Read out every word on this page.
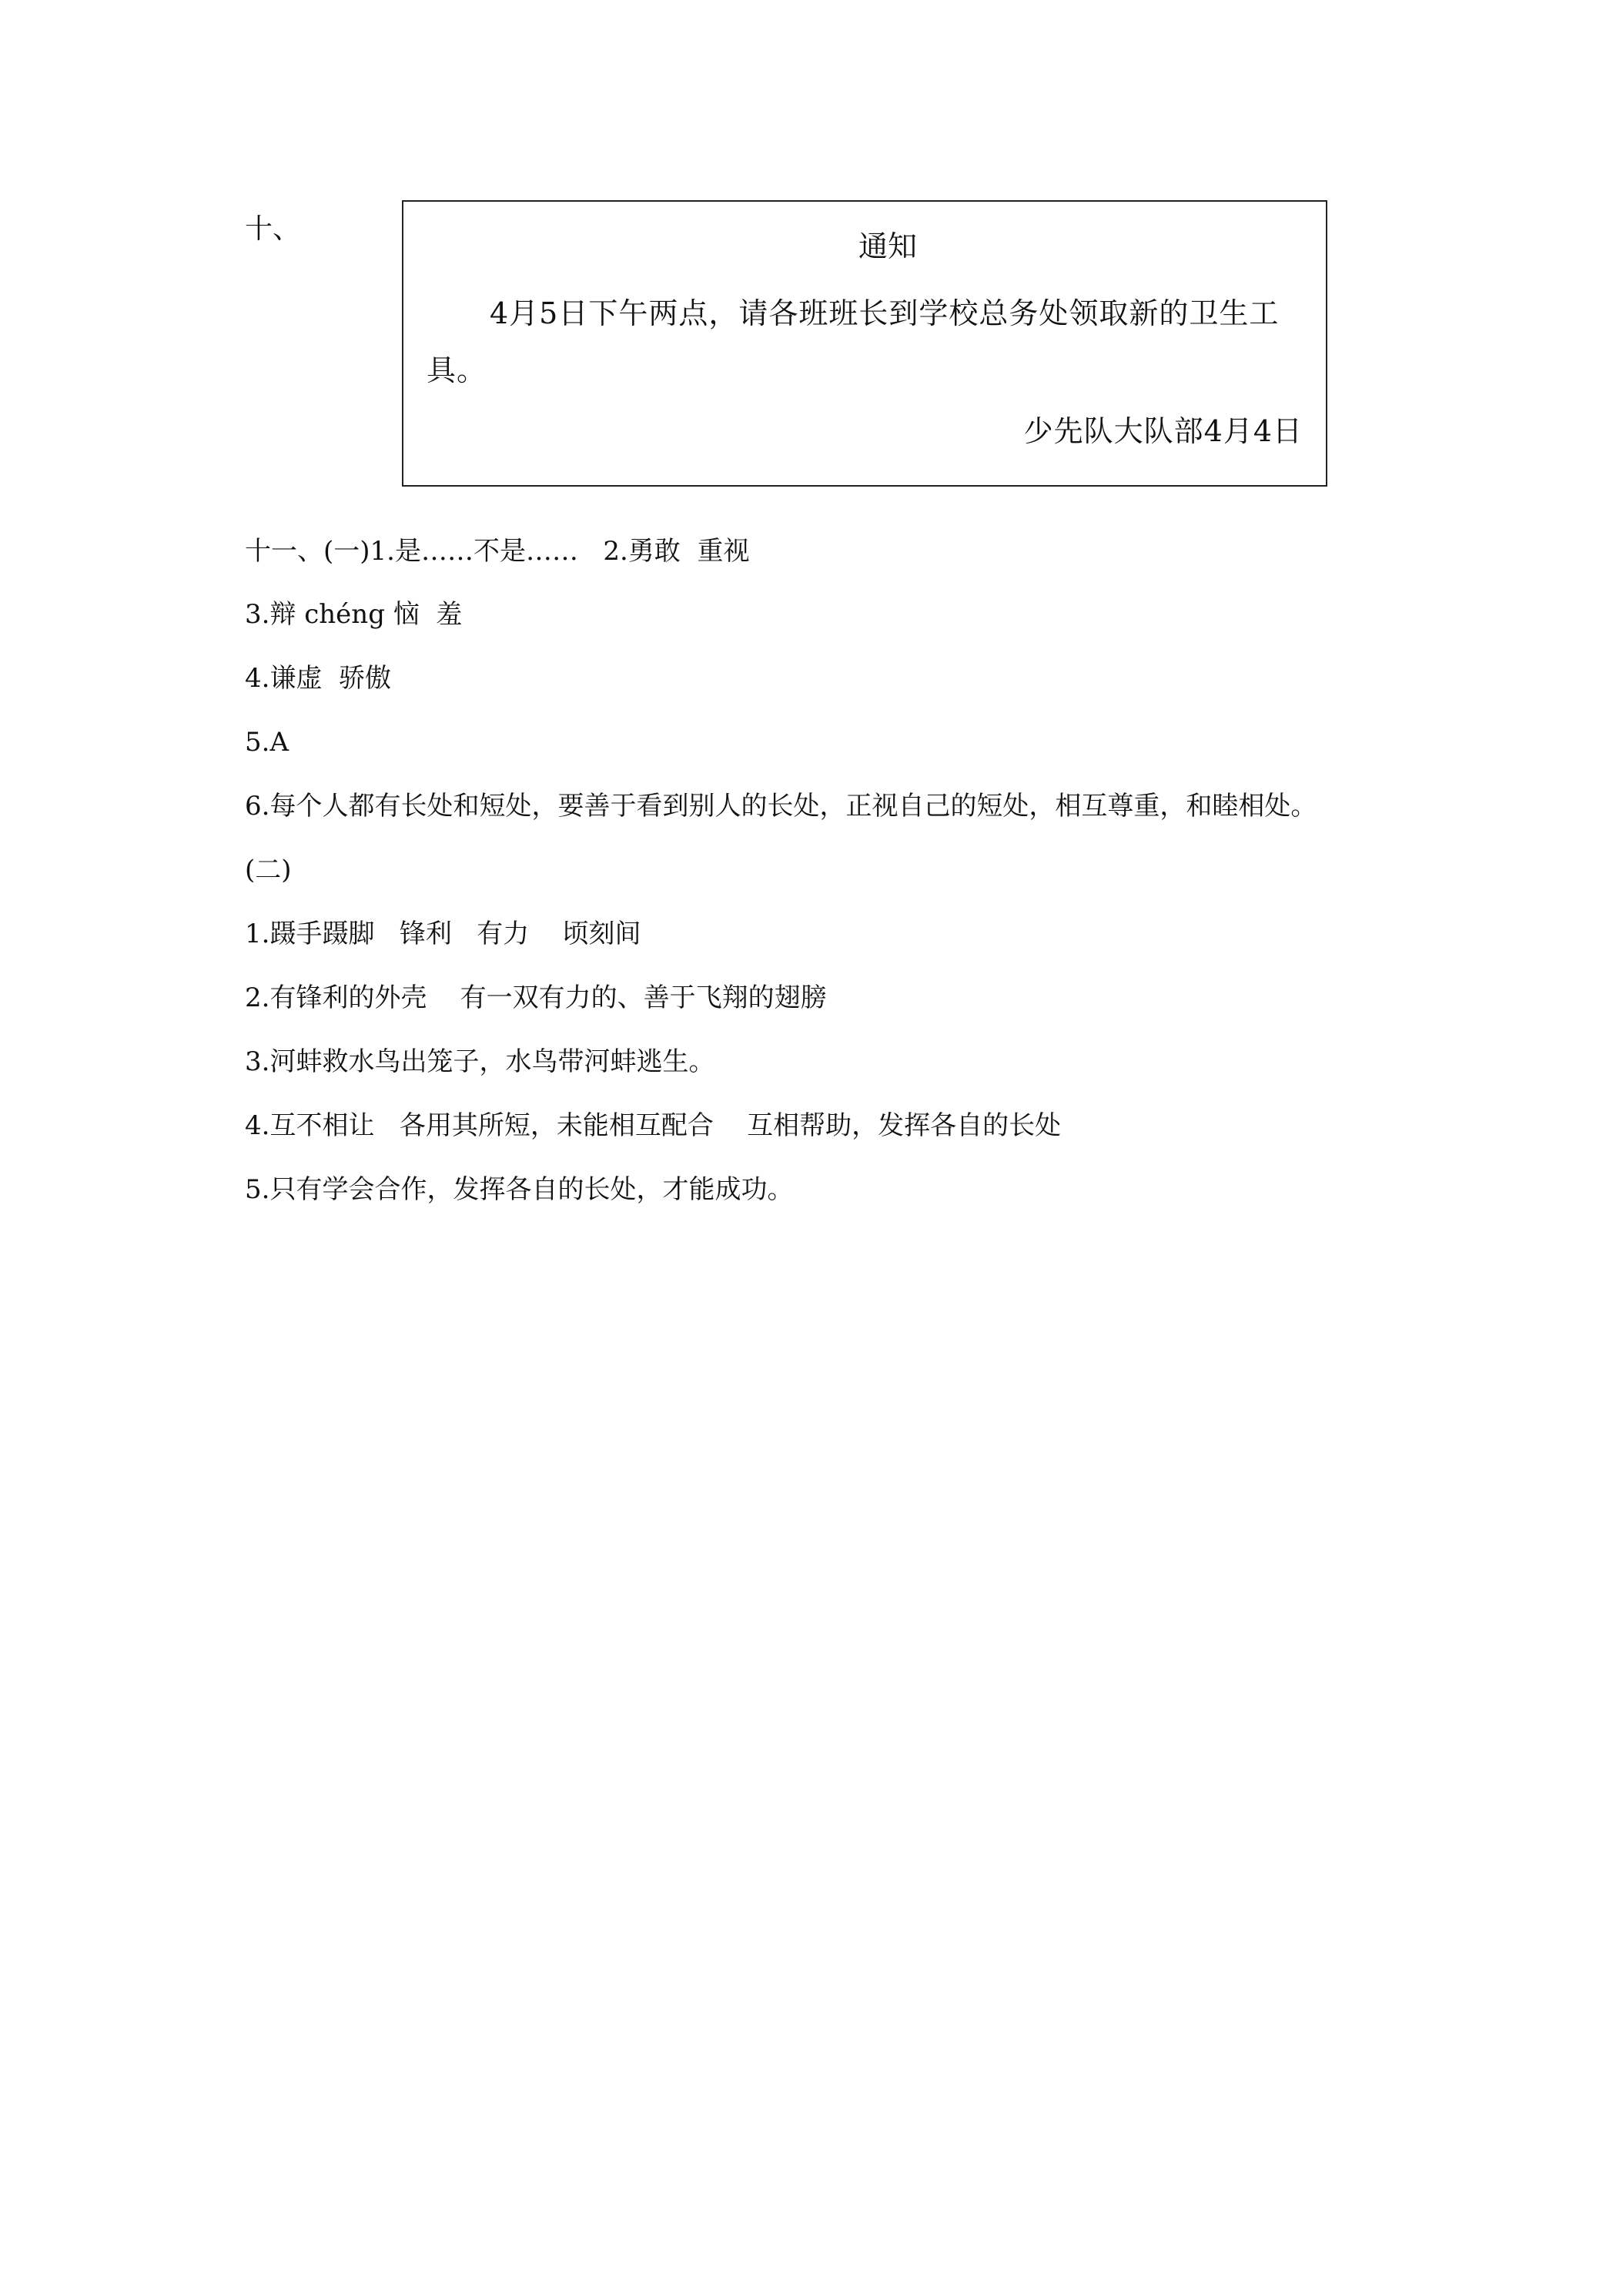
十、
通知
4月5日下午两点，请各班班长到学校总务处领取新的卫生工具。
少先队大队部4月4日
十一、(一)1.是……不是……   2.勇敢  重视
3.辩 chéng 恼  羞
4.谦虚  骄傲
5.A
6.每个人都有长处和短处，要善于看到别人的长处，正视自己的短处，相互尊重，和睦相处。
(二)
1.蹑手蹑脚   锋利   有力    顷刻间
2.有锋利的外壳    有一双有力的、善于飞翔的翅膀
3.河蚌救水鸟出笼子，水鸟带河蚌逃生。
4.互不相让   各用其所短，未能相互配合    互相帮助，发挥各自的长处
5.只有学会合作，发挥各自的长处，才能成功。
